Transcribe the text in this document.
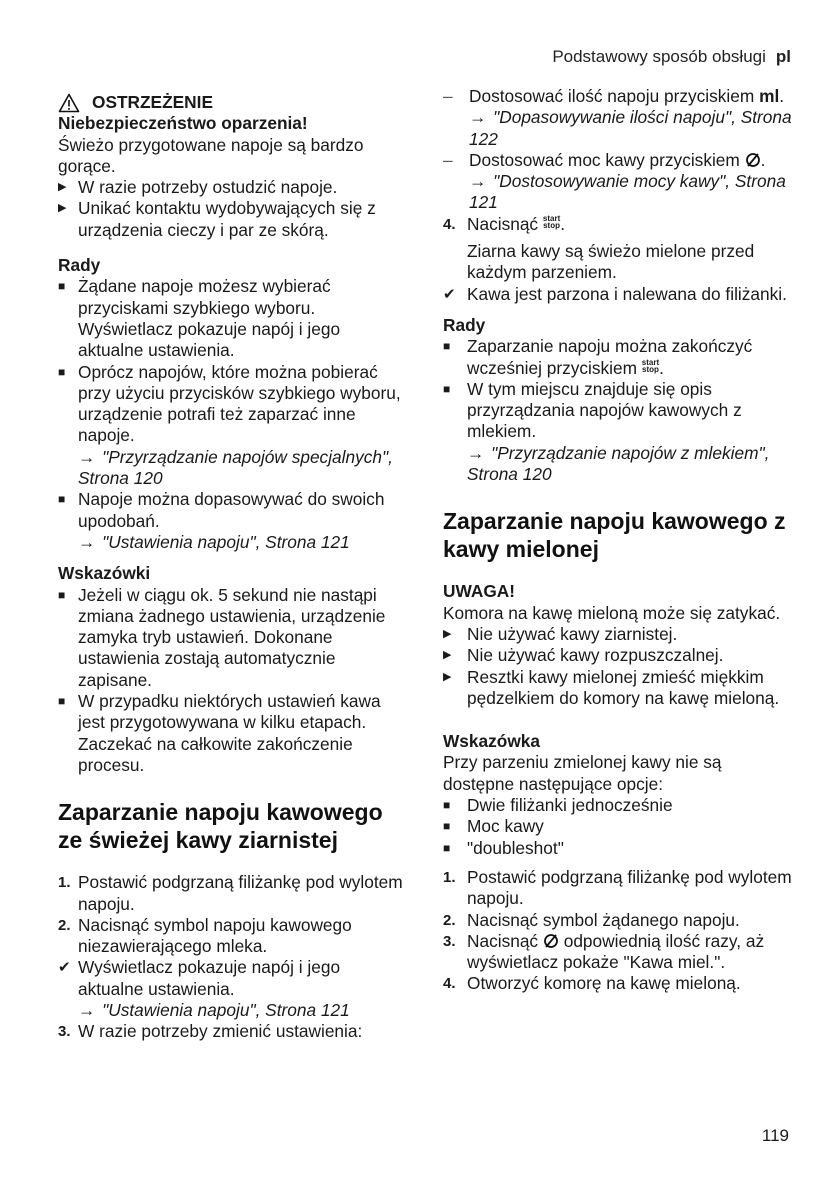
Podstawowy sposób obsługi pl
OSTRZEŻENIE
Niebezpieczeństwo oparzenia!
Świeżo przygotowane napoje są bardzo gorące.
▶ W razie potrzeby ostudzić napoje.
▶ Unikać kontaktu wydobywających się z urządzenia cieczy i par ze skórą.
Rady
■ Żądane napoje możesz wybierać przyciskami szybkiego wyboru. Wyświetlacz pokazuje napój i jego aktualne ustawienia.
■ Oprócz napojów, które można pobierać przy użyciu przycisków szybkiego wyboru, urządzenie potrafi też zaparzać inne napoje.
→ "Przyrządzanie napojów specjalnych", Strona 120
■ Napoje można dopasowywać do swoich upodobań.
→ "Ustawienia napoju", Strona 121
Wskazówki
■ Jeżeli w ciągu ok. 5 sekund nie nastąpi zmiana żadnego ustawienia, urządzenie zamyka tryb ustawień. Dokonane ustawienia zostają automatycznie zapisane.
■ W przypadku niektórych ustawień kawa jest przygotowywana w kilku etapach. Zaczekać na całkowite zakończenie procesu.
Zaparzanie napoju kawowego ze świeżej kawy ziarnistej
1. Postawić podgrzaną filiżankę pod wylotem napoju.
2. Nacisnąć symbol napoju kawowego niezawierającego mleka.
✔ Wyświetlacz pokazuje napój i jego aktualne ustawienia.
→ "Ustawienia napoju", Strona 121
3. W razie potrzeby zmienić ustawienia:
– Dostosować ilość napoju przyciskiem ml.
→ "Dopasowywanie ilości napoju", Strona 122
– Dostosować moc kawy przyciskiem .
→ "Dostosowywanie mocy kawy", Strona 121
4. Nacisnąć start
stop.
Ziarna kawy są świeżo mielone przed każdym parzeniem.
✔ Kawa jest parzona i nalewana do filiżanki.
Rady
■ Zaparzanie napoju można zakończyć wcześniej przyciskiem start
stop.
■ W tym miejscu znajduje się opis przyrządzania napojów kawowych z mlekiem.
→ "Przyrządzanie napojów z mlekiem", Strona 120
Zaparzanie napoju kawowego z kawy mielonej
UWAGA!
Komora na kawę mieloną może się zatykać.
▶ Nie używać kawy ziarnistej.
▶ Nie używać kawy rozpuszczalnej.
▶ Resztki kawy mielonej zmieść miękkim pędzelkiem do komory na kawę mieloną.
Wskazówka
Przy parzeniu zmielonej kawy nie są dostępne następujące opcje:
■ Dwie filiżanki jednocześnie
■ Moc kawy
■ "doubleshot"
1. Postawić podgrzaną filiżankę pod wylotem napoju.
2. Nacisnąć symbol żądanego napoju.
3. Nacisnąć odpowiednią ilość razy, aż wyświetlacz pokaże "Kawa miel.".
4. Otworzyć komorę na kawę mieloną.
119
